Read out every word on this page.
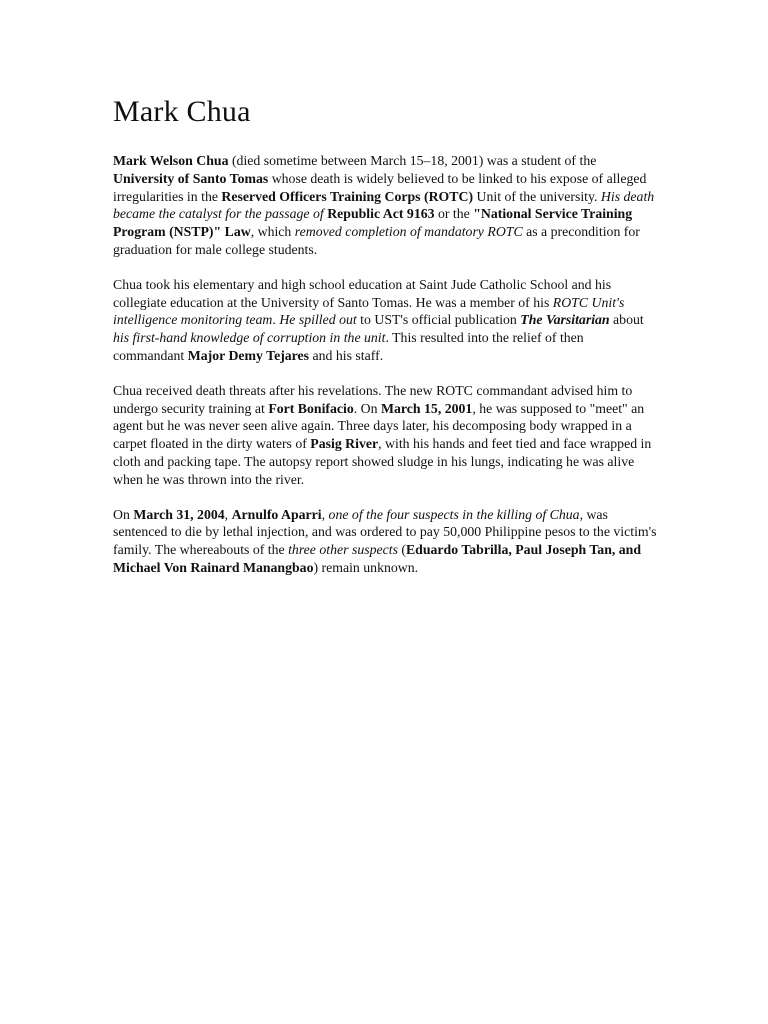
Mark Chua

Mark Welson Chua (died sometime between March 15–18, 2001) was a student of the University of Santo Tomas whose death is widely believed to be linked to his expose of alleged irregularities in the Reserved Officers Training Corps (ROTC) Unit of the university. His death became the catalyst for the passage of Republic Act 9163 or the "National Service Training Program (NSTP)" Law, which removed completion of mandatory ROTC as a precondition for graduation for male college students.

Chua took his elementary and high school education at Saint Jude Catholic School and his collegiate education at the University of Santo Tomas. He was a member of his ROTC Unit's intelligence monitoring team. He spilled out to UST's official publication The Varsitarian about his first-hand knowledge of corruption in the unit. This resulted into the relief of then commandant Major Demy Tejares and his staff.

Chua received death threats after his revelations. The new ROTC commandant advised him to undergo security training at Fort Bonifacio. On March 15, 2001, he was supposed to "meet" an agent but he was never seen alive again. Three days later, his decomposing body wrapped in a carpet floated in the dirty waters of Pasig River, with his hands and feet tied and face wrapped in cloth and packing tape. The autopsy report showed sludge in his lungs, indicating he was alive when he was thrown into the river.

On March 31, 2004, Arnulfo Aparri, one of the four suspects in the killing of Chua, was sentenced to die by lethal injection, and was ordered to pay 50,000 Philippine pesos to the victim's family. The whereabouts of the three other suspects (Eduardo Tabrilla, Paul Joseph Tan, and Michael Von Rainard Manangbao) remain unknown.
